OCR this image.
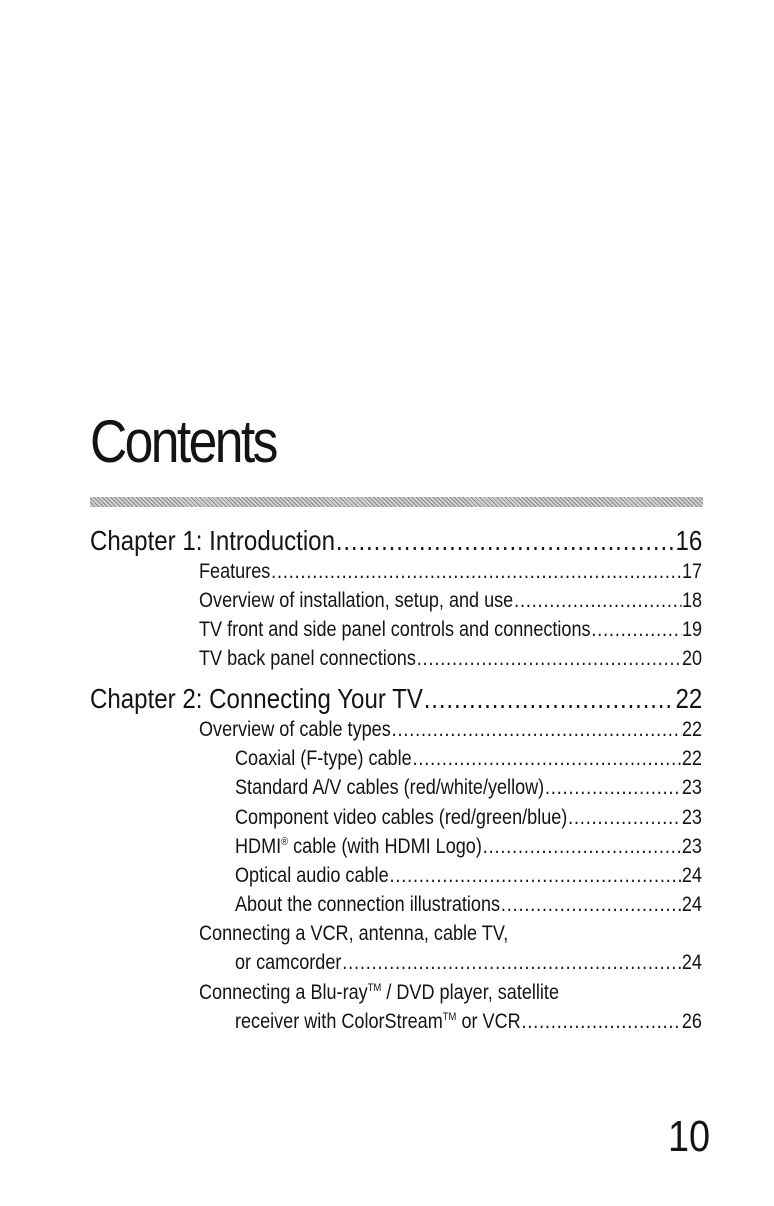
Contents
Chapter 1: Introduction .....	16
Features .....	17
Overview of installation, setup, and use .....	18
TV front and side panel controls and connections .....	19
TV back panel connections .....	20
Chapter 2: Connecting Your TV .....	22
Overview of cable types .....	22
Coaxial (F-type) cable .....	22
Standard A/V cables (red/white/yellow) .....	23
Component video cables (red/green/blue) .....	23
HDMI® cable (with HDMI Logo) .....	23
Optical audio cable .....	24
About the connection illustrations .....	24
Connecting a VCR, antenna, cable TV,
or camcorder .....	24
Connecting a Blu-ray™ / DVD player, satellite
receiver with ColorStream™ or VCR .....	26
10
